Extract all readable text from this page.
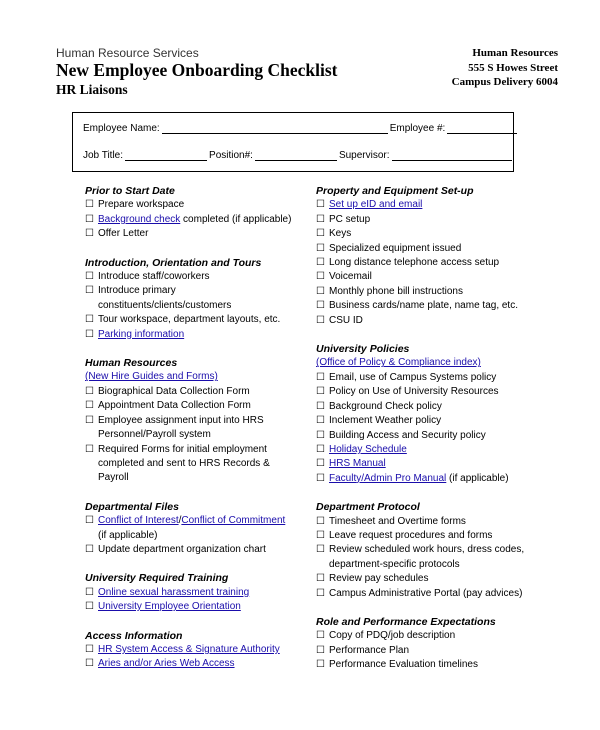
Human Resource Services
New Employee Onboarding Checklist
HR Liaisons
Human Resources
555 S Howes Street
Campus Delivery 6004
Employee Name:	Employee #:
Job Title:	Position#:	Supervisor:
Prior to Start Date
☐ Prepare workspace
☐ Background check completed (if applicable)
☐ Offer Letter
Introduction, Orientation and Tours
☐ Introduce staff/coworkers
☐ Introduce primary
constituents/clients/customers
☐ Tour workspace, department layouts, etc.
☐ Parking information
Human Resources
(New Hire Guides and Forms)
☐ Biographical Data Collection Form
☐ Appointment Data Collection Form
☐ Employee assignment input into HRS
Personnel/Payroll system
☐ Required Forms for initial employment
completed and sent to HRS Records &
Payroll
Departmental Files
☐ Conflict of Interest/Conflict of Commitment
(if applicable)
☐ Update department organization chart
University Required Training
☐ Online sexual harassment training
☐ University Employee Orientation
Access Information
☐ HR System Access & Signature Authority
☐ Aries and/or Aries Web Access
Property and Equipment Set-up
☐ Set up eID and email
☐ PC setup
☐ Keys
☐ Specialized equipment issued
☐ Long distance telephone access setup
☐ Voicemail
☐ Monthly phone bill instructions
☐ Business cards/name plate, name tag, etc.
☐ CSU ID
University Policies
(Office of Policy & Compliance index)
☐ Email, use of Campus Systems policy
☐ Policy on Use of University Resources
☐ Background Check policy
☐ Inclement Weather policy
☐ Building Access and Security policy
☐ Holiday Schedule
☐ HRS Manual
☐ Faculty/Admin Pro Manual (if applicable)
Department Protocol
☐ Timesheet and Overtime forms
☐ Leave request procedures and forms
☐ Review scheduled work hours, dress codes,
department-specific protocols
☐ Review pay schedules
☐ Campus Administrative Portal (pay advices)
Role and Performance Expectations
☐ Copy of PDQ/job description
☐ Performance Plan
☐ Performance Evaluation timelines
